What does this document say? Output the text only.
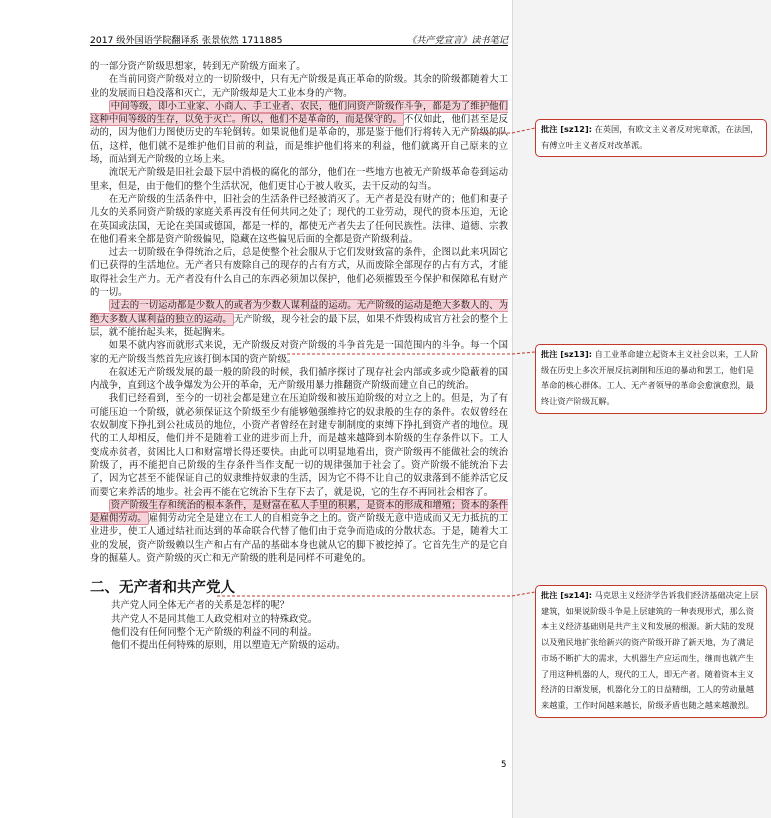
2017 级外国语学院翻译系 张景依然 1711885	《共产党宣言》读书笔记

的一部分资产阶级思想家，转到无产阶级方面来了。

在当前同资产阶级对立的一切阶级中，只有无产阶级是真正革命的阶级。其余的阶级都随着大工业的发展而日趋没落和灭亡，无产阶级却是大工业本身的产物。

中间等级，即小工业家、小商人、手工业者、农民，他们同资产阶级作斗争，都是为了维护他们这种中间等级的生存，以免于灭亡。所以，他们不是革命的，而是保守的。 不仅如此，他们甚至是反动的，因为他们力图使历史的车轮倒转。如果说他们是革命的，那是鉴于他们行将转入无产阶级的队伍，这样，他们就不是维护他们目前的利益，而是维护他们将来的利益，他们就离开自己原来的立场，而站到无产阶级的立场上来。

流氓无产阶级是旧社会最下层中消极的腐化的部分，他们在一些地方也被无产阶级革命卷到运动里来，但是，由于他们的整个生活状况，他们更甘心于被人收买，去干反动的勾当。

在无产阶级的生活条件中，旧社会的生活条件已经被消灭了。无产者是没有财产的；他们和妻子儿女的关系同资产阶级的家庭关系再没有任何共同之处了；现代的工业劳动，现代的资本压迫，无论在英国或法国，无论在美国或德国，都是一样的，都使无产者失去了任何民族性。法律、道德、宗教在他们看来全都是资产阶级偏见，隐藏在这些偏见后面的全都是资产阶级利益。

过去一切阶级在争得统治之后，总是使整个社会服从于它们发财致富的条件，企图以此来巩固它们已获得的生活地位。无产者只有废除自己的现存的占有方式，从而废除全部现存的占有方式，才能取得社会生产力。无产者没有什么自己的东西必须加以保护，他们必须摧毁至今保护和保障私有财产的一切。

过去的一切运动都是少数人的或者为少数人谋利益的运动。无产阶级的运动是绝大多数人的、为绝大多数人谋利益的独立的运动。 无产阶级，现今社会的最下层，如果不炸毁构成官方社会的整个上层，就不能抬起头来，挺起胸来。

如果不就内容而就形式来说，无产阶级反对资产阶级的斗争首先是一国范围内的斗争。每一个国家的无产阶级当然首先应该打倒本国的资产阶级。

在叙述无产阶级发展的最一般的阶段的时候，我们循序探讨了现存社会内部或多或少隐蔽着的国内战争，直到这个战争爆发为公开的革命，无产阶级用暴力推翻资产阶级而建立自己的统治。

我们已经看到，至今的一切社会都是建立在压迫阶级和被压迫阶级的对立之上的。但是，为了有可能压迫一个阶级，就必须保证这个阶级至少有能够勉强维持它的奴隶般的生存的条件。农奴曾经在农奴制度下挣扎到公社成员的地位，小资产者曾经在封建专制制度的束缚下挣扎到资产者的地位。现代的工人却相反，他们并不是随着工业的进步而上升，而是越来越降到本阶级的生存条件以下。工人变成赤贫者，贫困比人口和财富增长得还要快。由此可以明显地看出，资产阶级再不能做社会的统治阶级了，再不能把自己阶级的生存条件当作支配一切的规律强加于社会了。资产阶级不能统治下去了，因为它甚至不能保证自己的奴隶维持奴隶的生活，因为它不得不让自己的奴隶落到不能养活它反而要它来养活的地步。社会再不能在它统治下生存下去了，就是说，它的生存不再同社会相容了。

资产阶级生存和统治的根本条件，是财富在私人手里的积累，是资本的形成和增殖；资本的条件是雇佣劳动。 雇佣劳动完全是建立在工人的自相竞争之上的。资产阶级无意中造成而又无力抵抗的工业进步，使工人通过结社而达到的革命联合代替了他们由于竞争而造成的分散状态。于是，随着大工业的发展，资产阶级赖以生产和占有产品的基础本身也就从它的脚下被挖掉了。它首先生产的是它自身的掘墓人。资产阶级的灭亡和无产阶级的胜利是同样不可避免的。

二、无产者和共产党人

共产党人同全体无产者的关系是怎样的呢？

共产党人不是同其他工人政党相对立的特殊政党。

他们没有任何同整个无产阶级的利益不同的利益。

他们不提出任何特殊的原则，用以塑造无产阶级的运动。

5
批注 [sz12]: 在英国，有欧文主义者反对宪章派，在法国，有傅立叶主义者反对改革派。
批注 [sz13]: 自工业革命建立起资本主义社会以来，工人阶级在历史上多次开展反抗剥削和压迫的暴动和罢工，他们是革命的核心群体。工人、无产者领导的革命会愈演愈烈，最终让资产阶级瓦解。
批注 [sz14]: 马克思主义经济学告诉我们经济基础决定上层建筑，如果说阶级斗争是上层建筑的一种表现形式，那么资本主义经济基础则是共产主义和发展的根源。新大陆的发现以及殖民地扩张给新兴的资产阶级开辟了新天地，为了满足市场不断扩大的需求，大机器生产应运而生，继而也就产生了用这种机器的人，现代的工人，即无产者。随着资本主义经济的日渐发展，机器化分工的日益精细，工人的劳动量越来越重，工作时间越来越长，阶级矛盾也随之越来越激烈。
